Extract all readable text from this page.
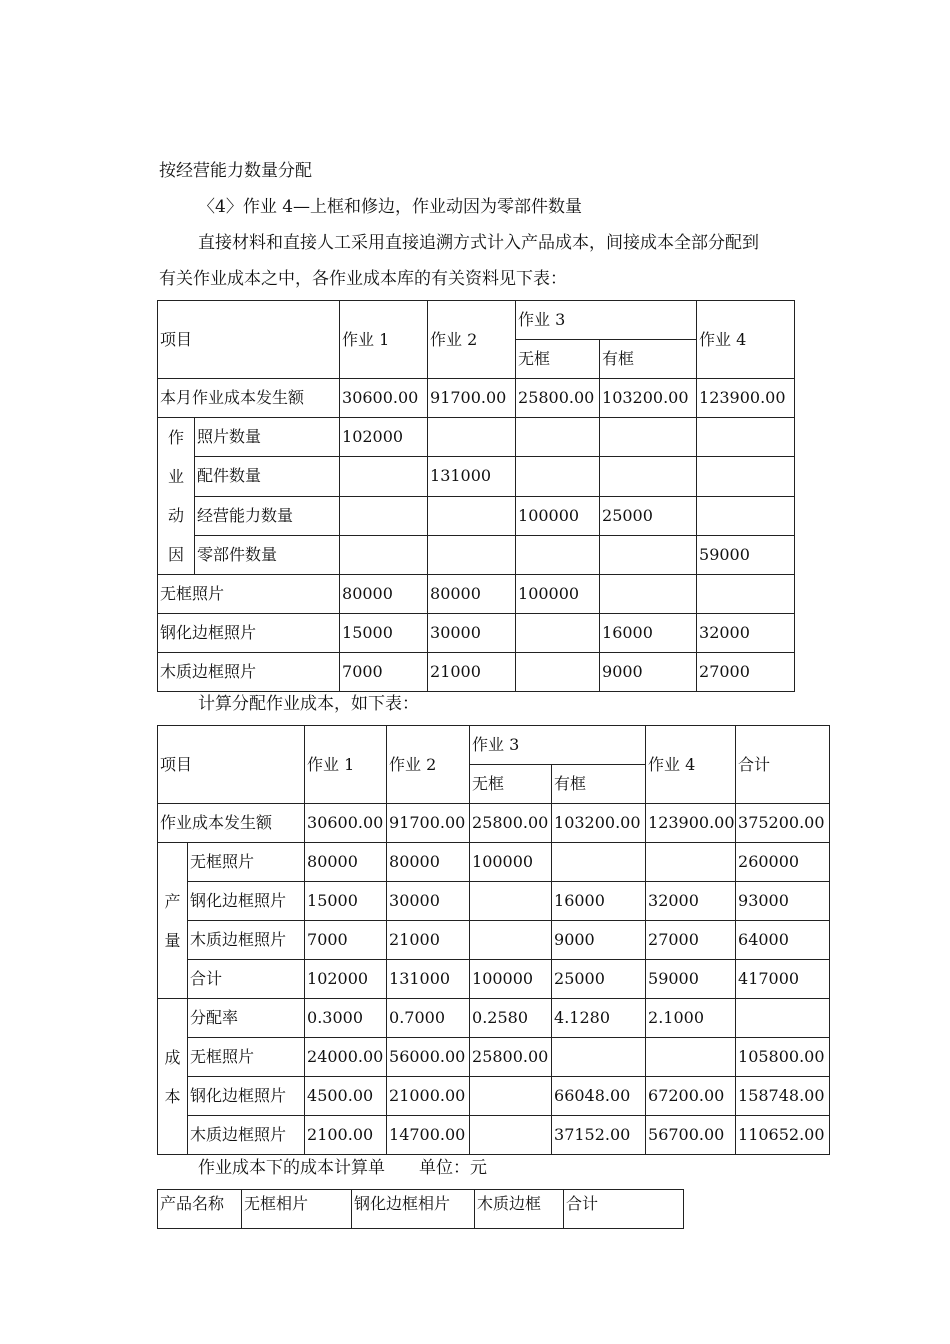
按经营能力数量分配
〈4〉作业 4—上框和修边，作业动因为零部件数量
直接材料和直接人工采用直接追溯方式计入产品成本，间接成本全部分配到
有关作业成本之中，各作业成本库的有关资料见下表：
项目		作业 1	作业 2	作业 3		作业 4
				无框	有框	
本月作业成本发生额		30600.00	91700.00	25800.00	103200.00	123900.00

作
业
动
因	照片数量	102000				
	配件数量		131000			
	经营能力数量			100000	25000	
	零部件数量					59000
无框照片		80000	80000	100000		
钢化边框照片		15000	30000		16000	32000
木质边框照片		7000	21000		9000	27000
计算分配作业成本，如下表：
项目		作业 1	作业 2	作业 3		作业 4	合计
				无框	有框		
作业成本发生额		30600.00	91700.00	25800.00	103200.00	123900.00	375200.00

产
量	无框照片	80000	80000	100000			260000
	钢化边框照片	15000	30000		16000	32000	93000
	木质边框照片	7000	21000		9000	27000	64000
	合计	102000	131000	100000	25000	59000	417000

成
本	分配率	0.3000	0.7000	0.2580	4.1280	2.1000	
	无框照片	24000.00	56000.00	25800.00			105800.00
	钢化边框照片	4500.00	21000.00		66048.00	67200.00	158748.00
	木质边框照片	2100.00	14700.00		37152.00	56700.00	110652.00
作业成本下的成本计算单　　单位：元
产品名称	无框相片	钢化边框相片	木质边框	合计
